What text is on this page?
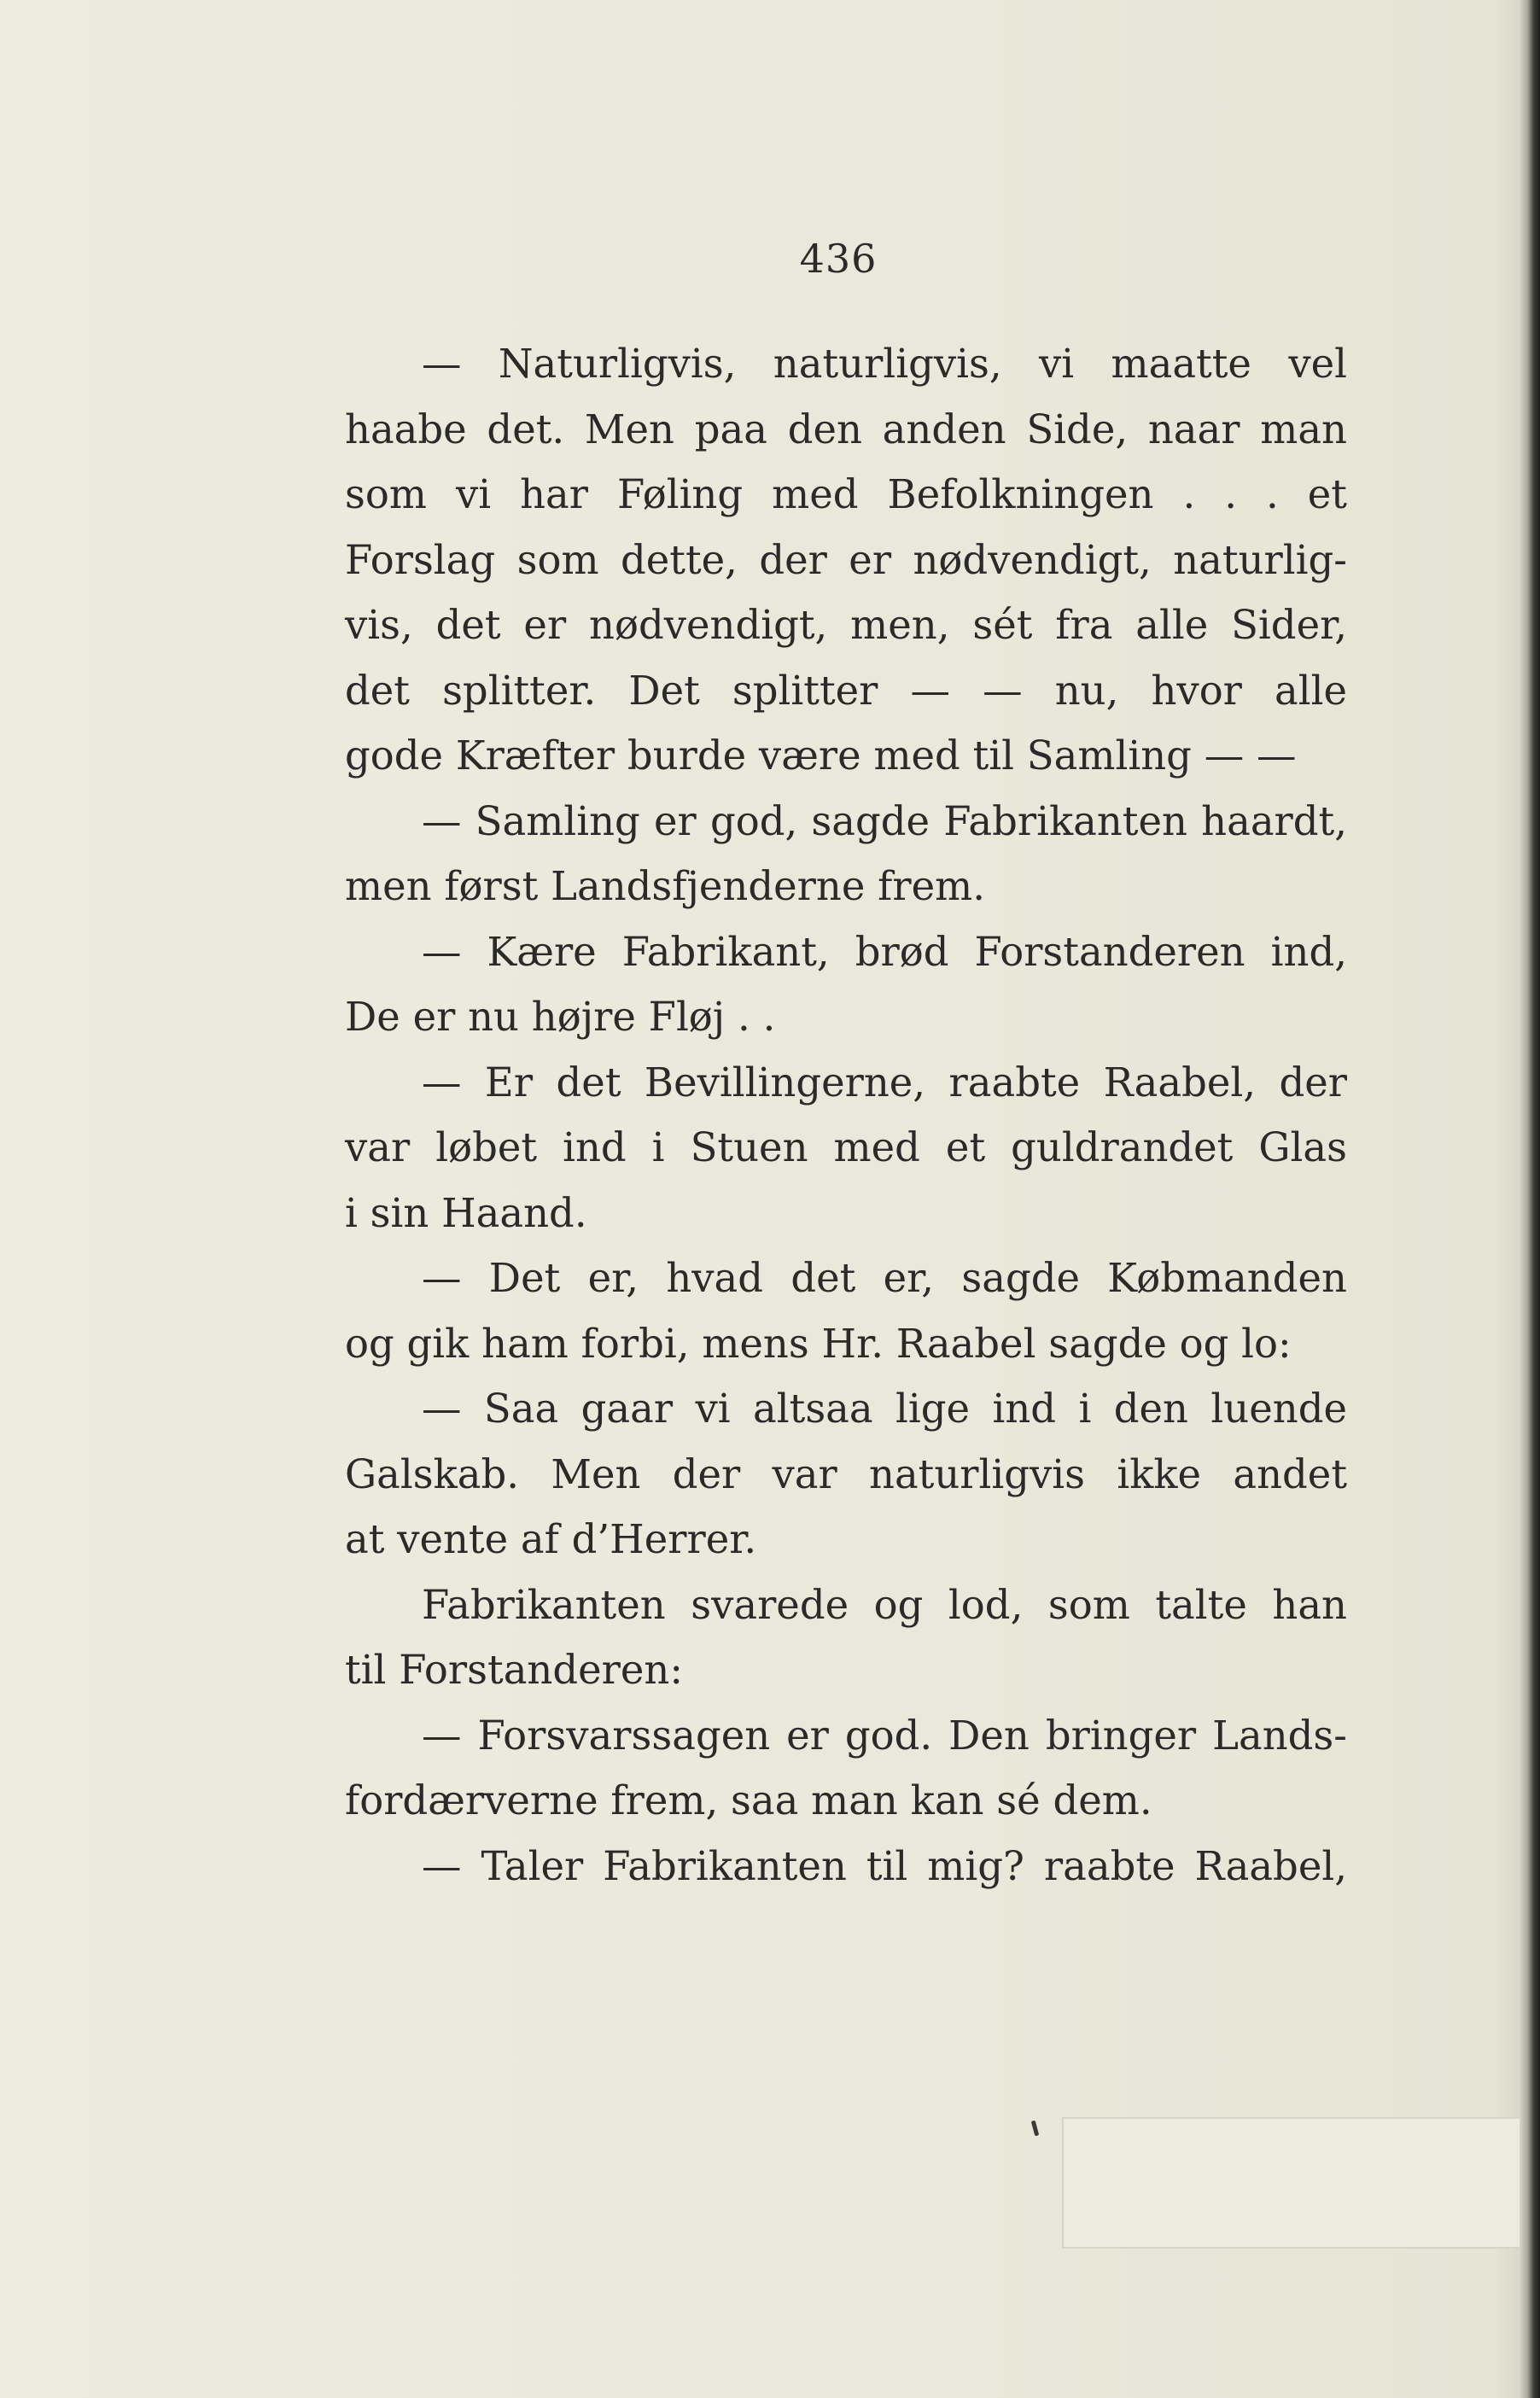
436
— Naturligvis, naturligvis, vi maatte vel
haabe det. Men paa den anden Side, naar man
som vi har Føling med Befolkningen . . . et
Forslag som dette, der er nødvendigt, naturlig-
vis, det er nødvendigt, men, sét fra alle Sider,
det splitter. Det splitter — — nu, hvor alle
gode Kræfter burde være med til Samling — —
— Samling er god, sagde Fabrikanten haardt,
men først Landsfjenderne frem.
— Kære Fabrikant, brød Forstanderen ind,
De er nu højre Fløj . .
— Er det Bevillingerne, raabte Raabel, der
var løbet ind i Stuen med et guldrandet Glas
i sin Haand.
— Det er, hvad det er, sagde Købmanden
og gik ham forbi, mens Hr. Raabel sagde og lo:
— Saa gaar vi altsaa lige ind i den luende
Galskab. Men der var naturligvis ikke andet
at vente af d’Herrer.
Fabrikanten svarede og lod, som talte han
til Forstanderen:
— Forsvarssagen er god. Den bringer Lands-
fordærverne frem, saa man kan sé dem.
— Taler Fabrikanten til mig? raabte Raabel,
